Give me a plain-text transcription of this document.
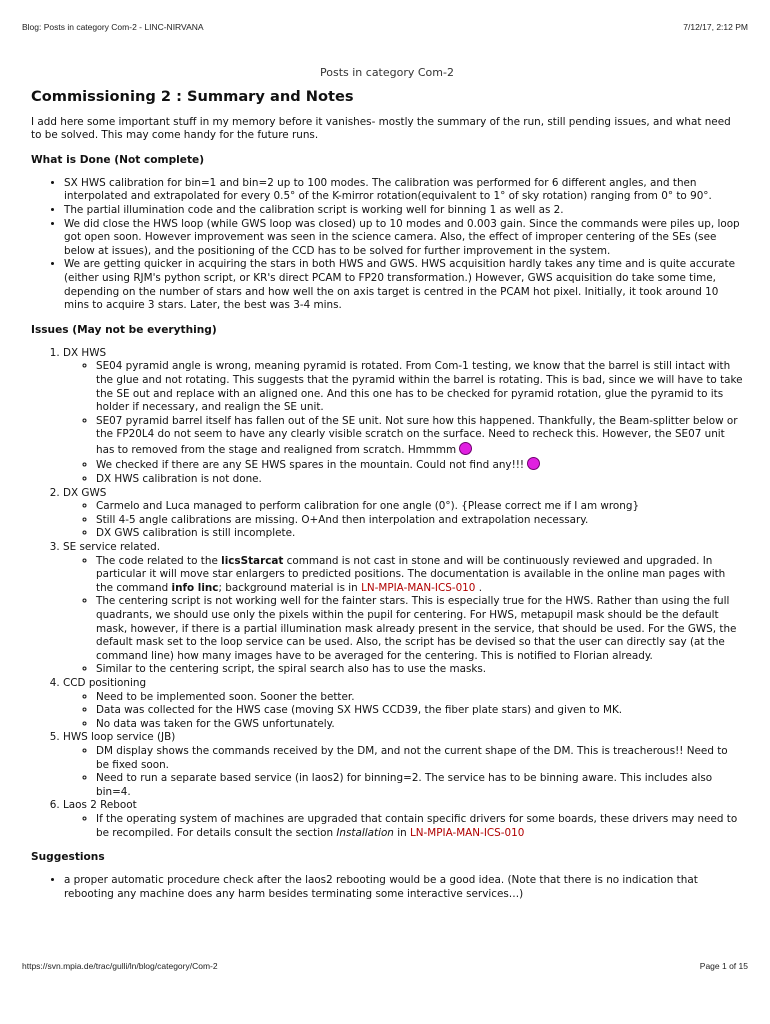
Blog: Posts in category Com-2 - LINC-NIRVANA	7/12/17, 2:12 PM
Posts in category Com-2
Commissioning 2 : Summary and Notes

I add here some important stuff in my memory before it vanishes- mostly the summary of the run, still pending issues, and what need to be solved. This may come handy for the future runs.

What is Done (Not complete)
• SX HWS calibration for bin=1 and bin=2 up to 100 modes. The calibration was performed for 6 different angles, and then interpolated and extrapolated for every 0.5° of the K-mirror rotation(equivalent to 1° of sky rotation) ranging from 0° to 90°.
• The partial illumination code and the calibration script is working well for binning 1 as well as 2.
• We did close the HWS loop (while GWS loop was closed) up to 10 modes and 0.003 gain. Since the commands were piles up, loop got open soon. However improvement was seen in the science camera. Also, the effect of improper centering of the SEs (see below at issues), and the positioning of the CCD has to be solved for further improvement in the system.
• We are getting quicker in acquiring the stars in both HWS and GWS. HWS acquisition hardly takes any time and is quite accurate (either using RJM's python script, or KR's direct PCAM to FP20 transformation.) However, GWS acquisition do take some time, depending on the number of stars and how well the on axis target is centred in the PCAM hot pixel. Initially, it took around 10 mins to acquire 3 stars. Later, the best was 3-4 mins.
Issues (May not be everything)
1. DX HWS
◦ SE04 pyramid angle is wrong, meaning pyramid is rotated. From Com-1 testing, we know that the barrel is still intact with the glue and not rotating. This suggests that the pyramid within the barrel is rotating. This is bad, since we will have to take the SE out and replace with an aligned one. And this one has to be checked for pyramid rotation, glue the pyramid to its holder if necessary, and realign the SE unit.
◦ SE07 pyramid barrel itself has fallen out of the SE unit. Not sure how this happened. Thankfully, the Beam-splitter below or the FP20L4 do not seem to have any clearly visible scratch on the surface. Need to recheck this. However, the SE07 unit has to removed from the stage and realigned from scratch. Hmmmm
◦ We checked if there are any SE HWS spares in the mountain. Could not find any!!!
◦ DX HWS calibration is not done.
2. DX GWS
◦ Carmelo and Luca managed to perform calibration for one angle (0°). {Please correct me if I am wrong}
◦ Still 4-5 angle calibrations are missing. O+And then interpolation and extrapolation necessary.
◦ DX GWS calibration is still incomplete.
3. SE service related.
◦ The code related to the licsStarcat command is not cast in stone and will be continuously reviewed and upgraded. In particular it will move star enlargers to predicted positions. The documentation is available in the online man pages with the command info linc; background material is in LN-MPIA-MAN-ICS-010 .
◦ The centering script is not working well for the fainter stars. This is especially true for the HWS. Rather than using the full quadrants, we should use only the pixels within the pupil for centering. For HWS, metapupil mask should be the default mask, however, if there is a partial illumination mask already present in the service, that should be used. For the GWS, the default mask set to the loop service can be used. Also, the script has be devised so that the user can directly say (at the command line) how many images have to be averaged for the centering. This is notified to Florian already.
◦ Similar to the centering script, the spiral search also has to use the masks.
4. CCD positioning
◦ Need to be implemented soon. Sooner the better.
◦ Data was collected for the HWS case (moving SX HWS CCD39, the fiber plate stars) and given to MK.
◦ No data was taken for the GWS unfortunately.
5. HWS loop service (JB)
◦ DM display shows the commands received by the DM, and not the current shape of the DM. This is treacherous!! Need to be fixed soon.
◦ Need to run a separate based service (in laos2) for binning=2. The service has to be binning aware. This includes also bin=4.
6. Laos 2 Reboot
◦ If the operating system of machines are upgraded that contain specific drivers for some boards, these drivers may need to be recompiled. For details consult the section Installation in LN-MPIA-MAN-ICS-010
Suggestions
• a proper automatic procedure check after the laos2 rebooting would be a good idea. (Note that there is no indication that rebooting any machine does any harm besides terminating some interactive services…)
https://svn.mpia.de/trac/gulli/ln/blog/category/Com-2	Page 1 of 15
